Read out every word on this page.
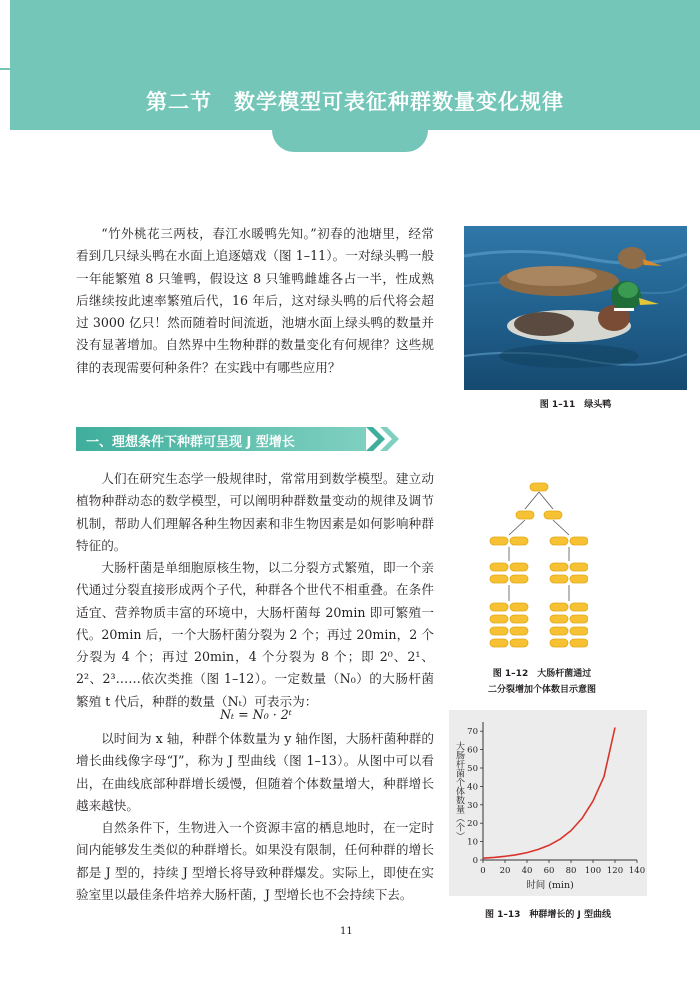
第二节　数学模型可表征种群数量变化规律

“竹外桃花三两枝，春江水暖鸭先知。”初春的池塘里，经常看到几只绿头鸭在水面上追逐嬉戏（图 1–11）。一对绿头鸭一般一年能繁殖 8 只雏鸭，假设这 8 只雏鸭雌雄各占一半，性成熟后继续按此速率繁殖后代，16 年后，这对绿头鸭的后代将会超过 3000 亿只！然而随着时间流逝，池塘水面上绿头鸭的数量并没有显著增加。自然界中生物种群的数量变化有何规律？这些规律的表现需要何种条件？在实践中有哪些应用？

图 1–11　绿头鸭
一、理想条件下种群可呈现 J 型增长

人们在研究生态学一般规律时，常常用到数学模型。建立动植物种群动态的数学模型，可以阐明种群数量变动的规律及调节机制，帮助人们理解各种生物因素和非生物因素是如何影响种群特征的。

大肠杆菌是单细胞原核生物，以二分裂方式繁殖，即一个亲代通过分裂直接形成两个子代，种群各个世代不相重叠。在条件适宜、营养物质丰富的环境中，大肠杆菌每 20min 即可繁殖一代。20min 后，一个大肠杆菌分裂为 2 个；再过 20min，2 个分裂为 4 个；再过 20min，4 个分裂为 8 个；即 2⁰、2¹、2²、2³……依次类推（图 1–12）。一定数量（N₀）的大肠杆菌繁殖 t 代后，种群的数量（Nₜ）可表示为：

Nₜ = N₀ · 2ᵗ

以时间为 x 轴，种群个体数量为 y 轴作图，大肠杆菌种群的增长曲线像字母“J”，称为 J 型曲线（图 1–13）。从图中可以看出，在曲线底部种群增长缓慢，但随着个体数量增大，种群增长越来越快。

自然条件下，生物进入一个资源丰富的栖息地时，在一定时间内能够发生类似的种群增长。如果没有限制，任何种群的增长都是 J 型的，持续 J 型增长将导致种群爆发。实际上，即使在实验室里以最佳条件培养大肠杆菌，J 型增长也不会持续下去。

图 1–12　大肠杆菌通过
二分裂增加个体数目示意图
0 20 40 60 80 100 120 140
0
10
20
30
40
50
60
70
时间 (min)
大肠杆菌个体数量（个）
图 1–13　种群增长的 J 型曲线
11
